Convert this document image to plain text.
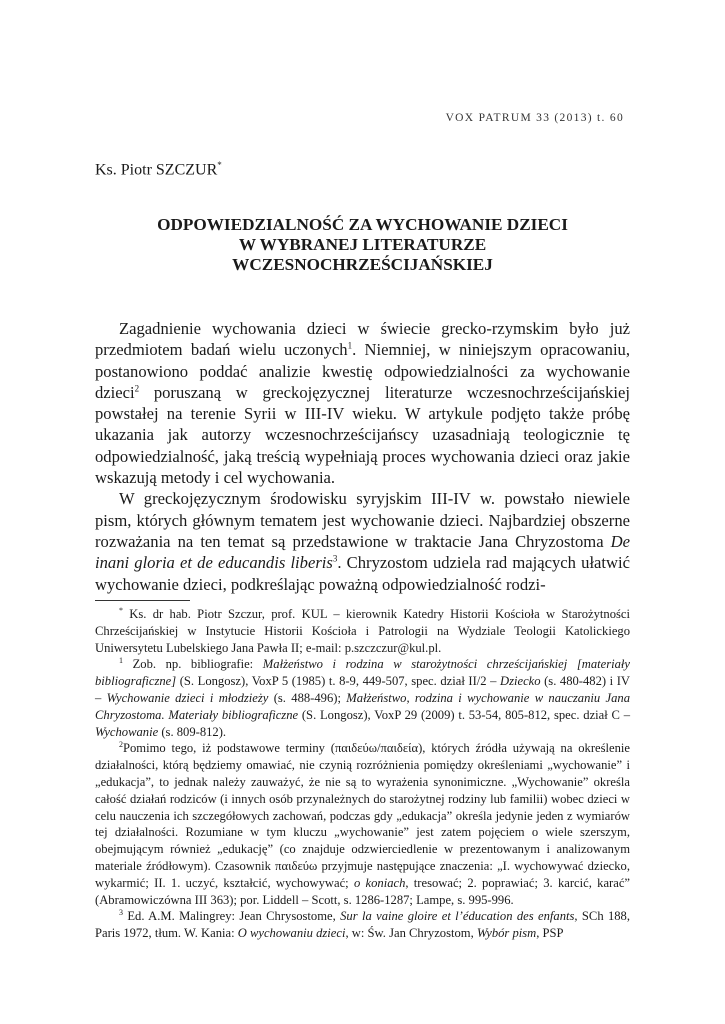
VOX PATRUM 33 (2013) t. 60
Ks. Piotr SZCZUR*
ODPOWIEDZIALNOŚĆ ZA WYCHOWANIE DZIECI
W WYBRANEJ LITERATURZE
WCZESNOCHRZEŚCIJAŃSKIEJ

Zagadnienie wychowania dzieci w świecie grecko-rzymskim było już przedmiotem badań wielu uczonych$^1$. Niemniej, w niniejszym opracowaniu, postanowiono poddać analizie kwestię odpowiedzialności za wychowanie dzieci$^2$ poruszaną w greckojęzycznej literaturze wczesnochrześcijańskiej powstałej na terenie Syrii w III-IV wieku. W artykule podjęto także próbę ukazania jak autorzy wczesnochrześcijańscy uzasadniają teologicznie tę odpowiedzialność, jaką treścią wypełniają proces wychowania dzieci oraz jakie wskazują metody i cel wychowania.

W greckojęzycznym środowisku syryjskim III-IV w. powstało niewiele pism, których głównym tematem jest wychowanie dzieci. Najbardziej obszerne rozważania na ten temat są przedstawione w traktacie Jana Chryzostoma De inani gloria et de educandis liberis$^3$. Chryzostom udziela rad mających ułatwić wychowanie dzieci, podkreślając poważną odpowiedzialność rodzi-

* Ks. dr hab. Piotr Szczur, prof. KUL – kierownik Katedry Historii Kościoła w Starożytności Chrześcijańskiej w Instytucie Historii Kościoła i Patrologii na Wydziale Teologii Katolickiego Uniwersytetu Lubelskiego Jana Pawła II; e-mail: p.szczczur@kul.pl.

$^1$ Zob. np. bibliografie: Małżeństwo i rodzina w starożytności chrześcijańskiej [materiały bibliograficzne] (S. Longosz), VoxP 5 (1985) t. 8-9, 449-507, spec. dział II/2 – Dziecko (s. 480-482) i IV – Wychowanie dzieci i młodzieży (s. 488-496); Małżeństwo, rodzina i wychowanie w nauczaniu Jana Chryzostoma. Materiały bibliograficzne (S. Longosz), VoxP 29 (2009) t. 53-54, 805-812, spec. dział C – Wychowanie (s. 809-812).

$^2$Pomimo tego, iż podstawowe terminy (παιδεύω/παιδεία), których źródła używają na określenie działalności, którą będziemy omawiać, nie czynią rozróżnienia pomiędzy określeniami „wychowanie” i „edukacja”, to jednak należy zauważyć, że nie są to wyrażenia synonimiczne. „Wychowanie” określa całość działań rodziców (i innych osób przynależnych do starożytnej rodziny lub familii) wobec dzieci w celu nauczenia ich szczegółowych zachowań, podczas gdy „edukacja” określa jedynie jeden z wymiarów tej działalności. Rozumiane w tym kluczu „wychowanie” jest zatem pojęciem o wiele szerszym, obejmującym również „edukację” (co znajduje odzwierciedlenie w prezentowanym i analizowanym materiale źródłowym). Czasownik παιδεύω przyjmuje następujące znaczenia: „I. wychowywać dziecko, wykarmić; II. 1. uczyć, kształcić, wychowywać; o koniach, tresować; 2. poprawiać; 3. karcić, karać” (Abramowiczówna III 363); por. Liddell – Scott, s. 1286-1287; Lampe, s. 995-996.

$^3$ Ed. A.M. Malingrey: Jean Chrysostome, Sur la vaine gloire et l’éducation des enfants, SCh 188, Paris 1972, tłum. W. Kania: O wychowaniu dzieci, w: Św. Jan Chryzostom, Wybór pism, PSP
